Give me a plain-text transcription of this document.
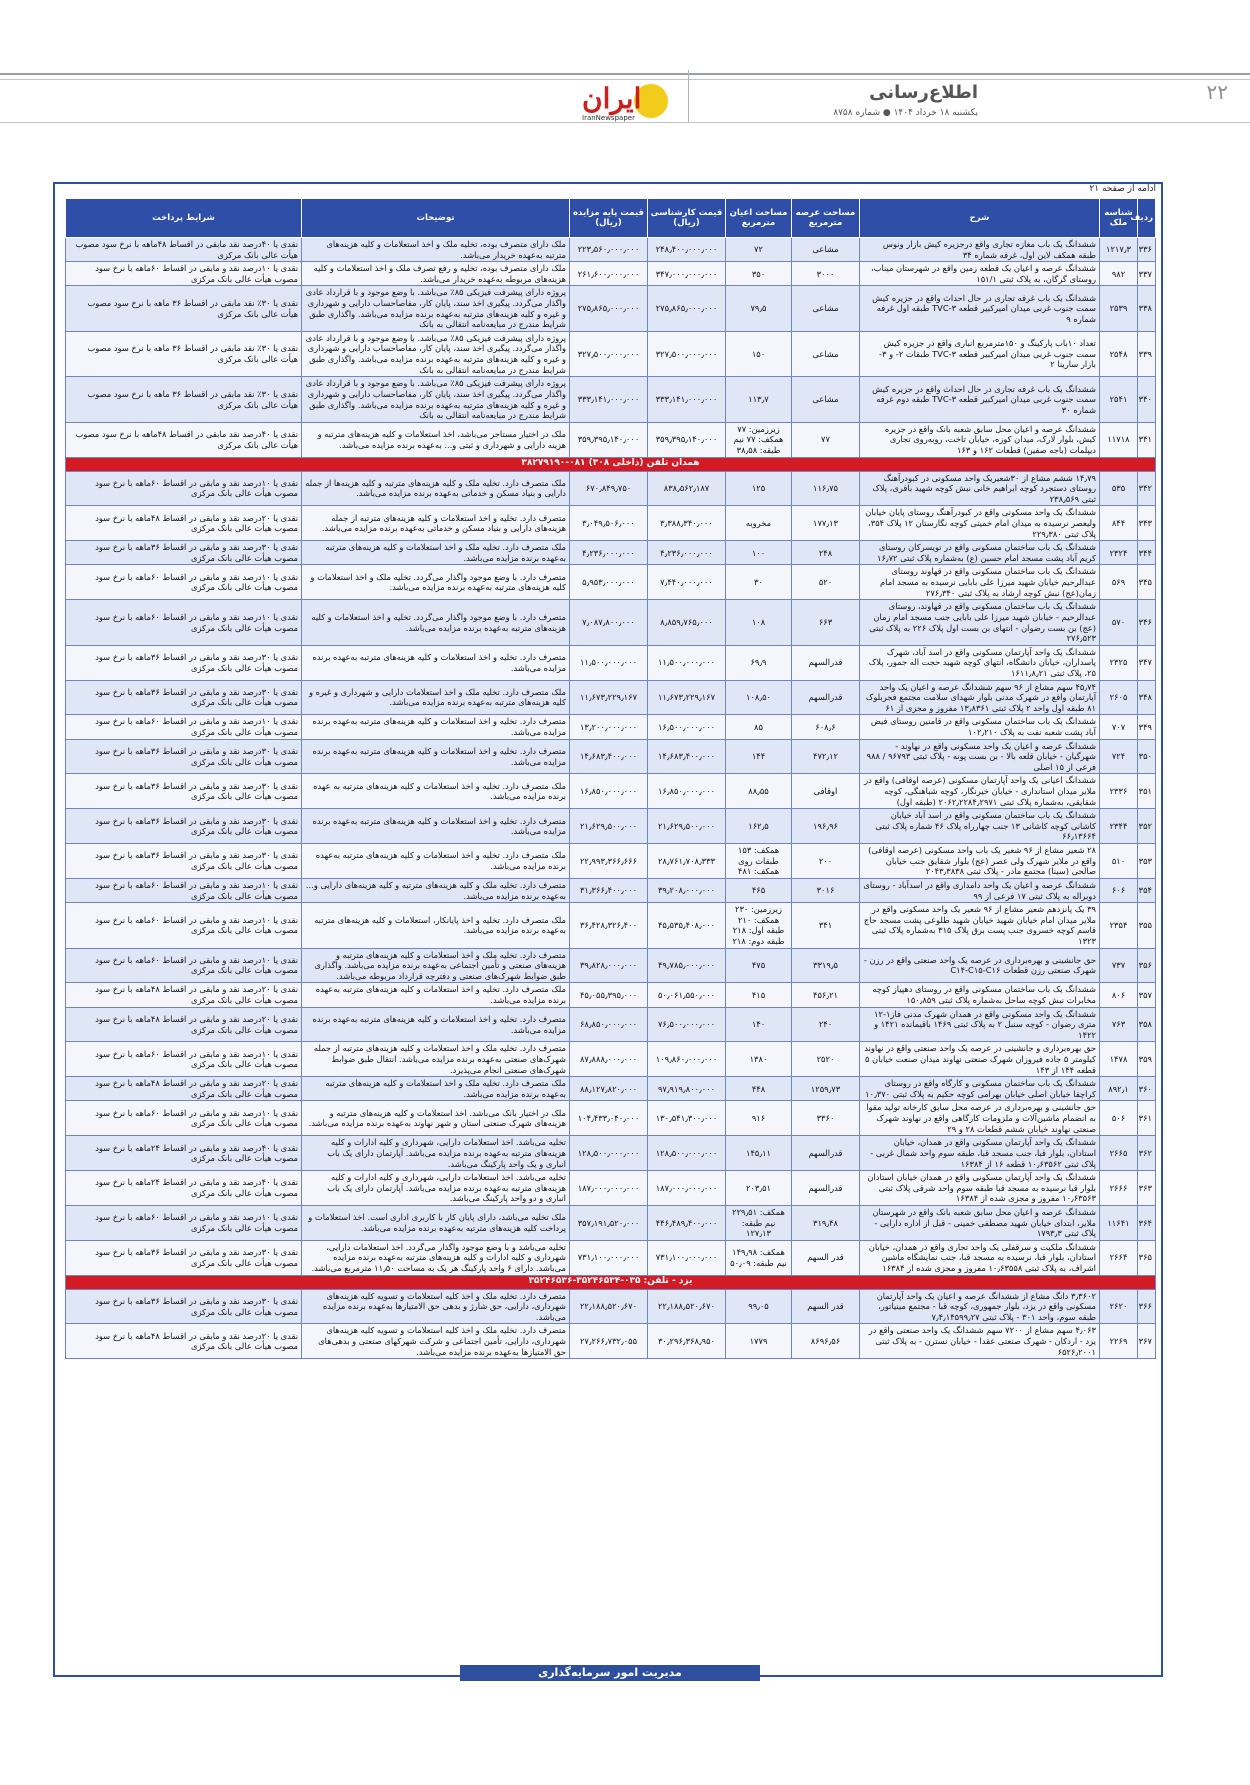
۲۲
اطلاع‌رسانی
یکشنبه ۱۸ خرداد ۱۴۰۴ ● شماره ۸۷۵۸
ایران
IranNewspaper
ادامه از صفحه ۲۱
ردیف	شناسه ملک	شرح	مساحت عرصه مترمربع	مساحت اعیان مترمربع	قیمت کارشناسی (ریال)	قیمت پایه مزایده (ریال)	توضیحات	شرایط پرداخت
۳۳۶	۱۲۱۷٫۳	ششدانگ یک باب مغازه تجاری واقع درجزیره کیش بازار ونوس طبقه همکف لاین اول، غرفه شماره ۳۴	مشاعی	۷۲	۲۴۸٫۴۰۰٫۰۰۰٫۰۰۰	۲۲۳٫۵۶۰٫۰۰۰٫۰۰۰	ملک دارای متصرف بوده، تخلیه ملک و اخذ استعلامات و کلیه هزینه‌های مترتبه به‌عهده خریدار می‌باشد.	نقدی یا ۴۰درصد نقد مابقی در اقساط ۴۸ماهه با نرخ سود مصوب هیأت عالی بانک مرکزی
۳۳۷	۹۸۲	ششدانگ عرصه و اعیان یک قطعه زمین واقع در شهرستان میناب، روستای گرگان، به پلاک ثبتی ۱۵۱/۱	۳۰۰۰	۳۵۰	۳۴۷٫۰۰۰٫۰۰۰٫۰۰۰	۲۶۱٫۶۰۰٫۰۰۰٫۰۰۰	ملک دارای متصرف بوده، تخلیه و رفع تصرف ملک و اخذ استعلامات و کلیه هزینه‌های مربوطه به‌عهده خریدار می‌باشد.	نقدی یا ۱۰درصد نقد و مابقی در اقساط ۶۰ماهه با نرخ سود مصوب هیأت عالی بانک مرکزی
۳۳۸	۲۵۳۹	ششدانگ یک باب غرفه تجاری در حال احداث واقع در جزیره کیش سمت جنوب غربی میدان امیرکبیر قطعه TVC-۳ طبقه اول غرفه شماره ۹	مشاعی	۷۹٫۵	۲۷۵٫۸۶۵٫۰۰۰٫۰۰۰	۲۷۵٫۸۶۵٫۰۰۰٫۰۰۰	پروژه دارای پیشرفت فیزیکی ۸۵٪ می‌باشد. با وضع موجود و با قرارداد عادی واگذار می‌گردد. پیگیری اخذ سند، پایان کار، مفاصاحساب دارایی و شهرداری و غیره و کلیه هزینه‌های مترتبه به‌عهده برنده مزایده می‌باشد. واگذاری طبق شرایط مندرج در مبایعه‌نامه انتقالی به بانک	نقدی یا ۳۰٪ نقد مابقی در اقساط ۳۶ ماهه با نرخ سود مصوب هیأت عالی بانک مرکزی
۳۳۹	۲۵۴۸	تعداد ۱۰باب پارکینگ و ۱۵۰مترمربع انباری واقع در جزیره کیش سمت جنوب غربی میدان امیرکبیر قطعه TVC-۳ طبقات ۲- و ۳- بازار سارینا ۲	مشاعی	۱۵۰	۳۲۷٫۵۰۰٫۰۰۰٫۰۰۰	۳۲۷٫۵۰۰٫۰۰۰٫۰۰۰	پروژه دارای پیشرفت فیزیکی ۸۵٪ می‌باشد. با وضع موجود و با قرارداد عادی واگذار می‌گردد. پیگیری اخذ سند، پایان کار، مفاصاحساب دارایی و شهرداری و غیره و کلیه هزینه‌های مترتبه به‌عهده برنده مزایده می‌باشد. واگذاری طبق شرایط مندرج در مبایعه‌نامه انتقالی به بانک	نقدی یا ۳۰٪ نقد مابقی در اقساط ۳۶ ماهه با نرخ سود مصوب هیأت عالی بانک مرکزی
۳۴۰	۲۵۴۱	ششدانگ یک باب غرفه تجاری در حال احداث واقع در جزیره کیش سمت جنوب غربی میدان امیرکبیر قطعه TVC-۳ طبقه دوم غرفه شماره ۳۰	مشاعی	۱۱۳٫۷	۳۳۳٫۱۴۱٫۰۰۰٫۰۰۰	۳۳۳٫۱۴۱٫۰۰۰٫۰۰۰	پروژه دارای پیشرفت فیزیکی ۸۵٪ می‌باشد. با وضع موجود و با قرارداد عادی واگذار می‌گردد. پیگیری اخذ سند، پایان کار، مفاصاحساب دارایی و شهرداری و غیره و کلیه هزینه‌های مترتبه به‌عهده برنده مزایده می‌باشد. واگذاری طبق شرایط مندرج در مبایعه‌نامه انتقالی به بانک	نقدی یا ۳۰٪ نقد مابقی در اقساط ۳۶ ماهه با نرخ سود مصوب هیأت عالی بانک مرکزی
۳۴۱	۱۱۷۱۸	ششدانگ عرصه و اعیان محل سابق شعبه بانک واقع در جزیره کیش، بلوار لارک، میدان کوزه، خیابان تاخت، روبه‌روی تجاری دیپلمات (باجه صفین) قطعات ۱۶۲ و ۱۶۳	۷۷	زیرزمین: ۷۷ همکف: ۷۷ نیم طبقه: ۳۸٫۵۸	۳۵۹٫۳۹۵٫۱۴۰٫۰۰۰	۳۵۹٫۳۹۵٫۱۴۰٫۰۰۰	ملک در اختیار مستاجر می‌باشد، اخذ استعلامات و کلیه هزینه‌های مترتبه و هزینه دارایی و شهرداری و ثبتی و... به‌عهده برنده مزایده می‌باشد.	نقدی یا ۴۰درصد نقد مابقی در اقساط ۴۸ماهه با نرخ سود مصوب هیأت عالی بانک مرکزی
همدان تلفن (داخلی ۳۰۸) ۰۸۱-۳۸۲۷۹۱۹۰								
۳۴۲	۵۳۵	۱۴٫۷۹ ششم مشاع از ۳۰شعیریک واحد مسکونی در کبودرآهنگ روستای دستجرد کوچه ابراهیم خانی نبش کوچه شهید باقری، پلاک ثبتی ۲۳۸٫۵۶۹	۱۱۶٫۷۵	۱۲۵	۸۳۸٫۵۶۲٫۱۸۷	۶۷۰٫۸۴۹٫۷۵۰	ملک متصرف دارد. تخلیه ملک و کلیه هزینه‌های مترتبه و کلیه هزینه‌ها از جمله دارایی و بنیاد مسکن و خدماتی به‌عهده برنده مزایده می‌باشد.	نقدی یا ۱۰درصد نقد و مابقی در اقساط ۶۰ماهه با نرخ سود مصوب هیأت عالی بانک مرکزی
۳۴۳	۸۴۴	ششدانگ یک واحد مسکونی واقع در کبودرآهنگ روستای پایان خیابان ولیعصر نرسیده به میدان امام خمینی کوچه نگارستان ۱۲ پلاک ۳۵۴، پلاک ثبتی ۲۲۹٫۳۸۰	۱۷۷٫۱۳	مخروبه	۳٫۳۸۸٫۳۴۰٫۰۰۰	۳٫۰۴۹٫۵۰۶٫۰۰۰	متصرف دارد. تخلیه و اخذ استعلامات و کلیه هزینه‌های مترتبه از جمله هزینه‌های دارایی و بنیاد مسکن و خدماتی به‌عهده برنده مزایده می‌باشد.	نقدی یا ۲۰درصد نقد و مابقی در اقساط ۴۸ماهه با نرخ سود مصوب هیأت عالی بانک مرکزی
۳۴۴	۲۳۲۴	ششدانگ یک باب ساختمان مسکونی واقع در تویسرکان روستای کریم آباد پشت مسجد امام حسین (ع) به‌شماره پلاک ثبتی ۱۶٫۷۲	۲۴۸	۱۰۰	۴٫۲۳۶٫۰۰۰٫۰۰۰	۴٫۲۳۶٫۰۰۰٫۰۰۰	ملک متصرف دارد. تخلیه ملک و اخذ استعلامات و کلیه هزینه‌های مترتبه به‌عهده برنده مزایده می‌باشد.	نقدی یا ۳۰درصد نقد و مابقی در اقساط ۳۶ماهه با نرخ سود مصوب هیأت عالی بانک مرکزی
۳۴۵	۵۶۹	ششدانگ یک باب ساختمان مسکونی واقع در قهاوند روستای عبدالرحیم خیابان شهید میرزا علی بابایی نرسیده به مسجد امام زمان(عج) نبش کوچه ارشاد به پلاک ثبتی ۲۷۶٫۳۴۰	۵۲۰	۳۰	۷٫۴۴۰٫۰۰۰٫۰۰۰	۵٫۹۵۳٫۰۰۰٫۰۰۰	متصرف دارد. با وضع موجود واگذار می‌گردد. تخلیه ملک و اخذ استعلامات و کلیه هزینه‌های مترتبه به‌عهده برنده مزایده می‌باشد.	نقدی یا ۱۰درصد نقد و مابقی در اقساط ۶۰ماهه با نرخ سود مصوب هیأت عالی بانک مرکزی
۳۴۶	۵۷۰	ششدانگ یک باب ساختمان مسکونی واقع در قهاوند، روستای عبدالرحیم - خیابان شهید میرزا علی بابایی جنب مسجد امام زمان (عج) بن بست رضوان - انتهای بن بست اول پلاک ۲۲۶ به پلاک ثبتی ۲۷۶٫۵۲۳	۶۶۳	۱۰۸	۸٫۸۵۹٫۷۶۵٫۰۰۰	۷٫۰۸۷٫۸۰۰٫۰۰۰	متصرف دارد. با وضع موجود واگذار می‌گردد. تخلیه و اخذ استعلامات و کلیه هزینه‌های مترتبه به‌عهده برنده مزایده می‌باشد.	نقدی یا ۱۰درصد نقد و مابقی در اقساط ۶۰ماهه با نرخ سود مصوب هیأت عالی بانک مرکزی
۳۴۷	۲۳۲۵	ششدانگ یک واحد آپارتمان مسکونی واقع در اسد آباد، شهرک پاسداران، خیابان دانشگاه، انتهای کوچه شهید حجت اله جمور، پلاک ۲۵، پلاک ثبتی ۱۶۱۱٫۸٫۲۱	قدرالسهم	۶۹٫۹	۱۱٫۵۰۰٫۰۰۰٫۰۰۰	۱۱٫۵۰۰٫۰۰۰٫۰۰۰	متصرف دارد. تخلیه و اخذ استعلامات و کلیه هزینه‌های مترتبه به‌عهده برنده مزایده می‌باشد.	نقدی یا ۳۰درصد نقد و مابقی در اقساط ۳۶ماهه با نرخ سود مصوب هیأت عالی بانک مرکزی
۳۴۸	۲۶۰۵	۴۵٫۷۴ سهم مشاع از ۹۶ سهم ششدانگ عرصه و اعیان یک واحد آپارتمان واقع در شهرک مدنی بلوار شهدای سلامت مجتمع فجربلوک ۸۱ طبقه اول واحد ۲ پلاک ثبتی ۱۳٫۸۳۶۱ مفروز و مجزی از ۶۱	قدرالسهم	۱۰۸٫۵۰	۱۱٫۶۷۳٫۲۲۹٫۱۶۷	۱۱٫۶۷۳٫۲۲۹٫۱۶۷	ملک متصرف دارد. تخلیه ملک و اخذ استعلامات دارایی و شهرداری و غیره و کلیه هزینه‌های مترتبه به‌عهده برنده مزایده می‌باشد.	نقدی یا ۳۰درصد نقد و مابقی در اقساط ۳۶ماهه با نرخ سود مصوب هیأت عالی بانک مرکزی
۳۴۹	۷۰۷	ششدانگ یک باب ساختمان مسکونی واقع در قامنین روستای فیض آباد پشت شعبه نفت به پلاک ۱۰۲٫۲۱۰	۶۰۸٫۶	۸۵	۱۶٫۵۰۰٫۰۰۰٫۰۰۰	۱۳٫۲۰۰٫۰۰۰٫۰۰۰	متصرف دارد. تخلیه و اخذ استعلامات و کلیه هزینه‌های مترتبه به‌عهده برنده مزایده می‌باشد.	نقدی یا ۱۰درصد نقد و مابقی در اقساط ۶۰ماهه با نرخ سود مصوب هیأت عالی بانک مرکزی
۳۵۰	۷۲۴	ششدانگ عرصه و اعیان یک واحد مسکونی واقع در نهاوند - شهرگیان - خیابان قلعه بالا - بن بست پونه - پلاک ثبتی ۹۶۷۹۳ / ۹۸۸ فرعی از ۱۵ اصلی	۴۷۲٫۱۲	۱۴۴	۱۴٫۶۸۳٫۴۰۰٫۰۰۰	۱۴٫۶۸۳٫۴۰۰٫۰۰۰	متصرف دارد. تخلیه و اخذ استعلامات و کلیه هزینه‌های مترتبه به‌عهده برنده مزایده می‌باشد.	نقدی یا ۳۰درصد نقد و مابقی در اقساط ۳۶ماهه با نرخ سود مصوب هیأت عالی بانک مرکزی
۳۵۱	۲۳۳۶	ششدانگ اعیانی یک واحد آپارتمان مسکونی (عرصه اوقافی) واقع در ملایر میدان استانداری - خیابان خیرنگار، کوچه شباهنگی، کوچه شقایقی، به‌شماره پلاک ثبتی ۲۰۶۲٫۲۲۸۴٫۲۹۷۱ (طبقه اول)	اوقافی	۸۸٫۵۵	۱۶٫۸۵۰٫۰۰۰٫۰۰۰	۱۶٫۸۵۰٫۰۰۰٫۰۰۰	ملک متصرف دارد. تخلیه و اخذ استعلامات و کلیه هزینه‌های مترتبه به عهده برنده مزایده می‌باشد.	نقدی یا ۳۰درصد نقد و مابقی در اقساط ۳۶ماهه با نرخ سود مصوب هیأت عالی بانک مرکزی
۳۵۲	۲۳۴۴	ششدانگ یک باب ساختمان مسکونی واقع در اسد آباد خیابان کاشانی کوچه کاشانی ۱۳ جنب چهارراه پلاک ۴۶ شماره پلاک ثبتی ۶۶٫۱۳۶۶۴	۱۹۶٫۹۶	۱۶۲٫۵	۲۱٫۶۲۹٫۵۰۰٫۰۰۰	۲۱٫۶۲۹٫۵۰۰٫۰۰۰	متصرف دارد. تخلیه و اخذ استعلامات و کلیه هزینه‌های مترتبه به‌عهده برنده مزایده می‌باشد.	نقدی یا ۳۰درصد نقد و مابقی در اقساط ۳۶ماهه با نرخ سود مصوب هیأت عالی بانک مرکزی
۳۵۳	۵۱۰	۲۸ شعیر مشاع از ۹۶ شعیر یک باب واحد مسکونی (عرصه اوقافی) واقع در ملایر شهرک ولی عصر (عج) بلوار شقایق جنب خیابان صالحی (سینا) مجتمع مادر - پلاک ثبتی ۲۰۴۳٫۳۸۳۸	۲۰۰	همکف: ۱۵۳ طبقات روی همکف: ۴۸۱	۲۸٫۷۶۱٫۷۰۸٫۳۳۳	۲۲٫۹۹۳٫۳۶۶٫۶۶۶	ملک متصرف دارد. تخلیه و اخذ استعلامات و کلیه هزینه‌های مترتبه به‌عهده برنده مزایده می‌باشد.	نقدی یا ۳۰درصد نقد و مابقی در اقساط ۳۶ماهه با نرخ سود مصوب هیأت عالی بانک مرکزی
۳۵۴	۶۰۶	ششدانگ عرصه و اعیان یک واحد دامداری واقع در اسدآباد - روستای دوبراله به پلاک ثبتی ۱۷ فرعی از ۹۹	۳۰۱۶	۴۶۵	۳۹٫۲۰۸٫۰۰۰٫۰۰۰	۳۱٫۳۶۶٫۴۰۰٫۰۰۰	متصرف دارد. تخلیه ملک و کلیه هزینه‌های مترتبه و کلیه هزینه‌های دارایی و... به‌عهده برنده مزایده می‌باشد.	نقدی یا ۱۰درصد نقد و مابقی در اقساط ۶۰ماهه با نرخ سود مصوب هیأت عالی بانک مرکزی
۳۵۵	۲۳۵۴	۳۹ یک پانزدهم شعیر مشاع از ۹۶ شعیر یک واحد مسکونی واقع در ملایر میدان امام خیابان شهید خیابان شهید طلوعی پشت مسجد حاج قاسم کوچه خسروی جنب پست برق پلاک ۳۱۵ به‌شماره پلاک ثبتی ۱۳۲۳	۳۴۱	زیرزمین: ۲۳۰ همکف: ۲۱۰ طبقه اول: ۲۱۸ طبقه دوم: ۲۱۸	۴۵٫۵۳۵٫۴۰۸٫۰۰۰	۳۶٫۴۲۸٫۳۲۶٫۴۰۰	ملک متصرف دارد. تخلیه و اخذ پایانکار، استعلامات و کلیه هزینه‌های مترتبه به‌عهده برنده مزایده می‌باشد.	نقدی یا ۱۰درصد نقد و مابقی در اقساط ۶۰ماهه با نرخ سود مصوب هیأت عالی بانک مرکزی
۳۵۶	۷۳۷	حق جانشینی و بهره‌برداری در عرصه یک واحد صنعتی واقع در رزن - شهرک صنعتی رزن قطعات C۱۴-C۱۵-C۱۶	۳۳۱۹٫۵	۴۷۵	۴۹٫۷۸۵٫۰۰۰٫۰۰۰	۳۹٫۸۲۸٫۰۰۰٫۰۰۰	متصرف دارد. تخلیه ملک و اخذ استعلامات و کلیه هزینه‌های مترتبه و هزینه‌های صنعتی و تأمین اجتماعی به‌عهده برنده مزایده می‌باشد. واگذاری طبق ضوابط شهرک‌های صنعتی و دفترچه قرارداد مربوطه می‌باشد.	نقدی یا ۱۰درصد نقد و مابقی در اقساط ۶۰ماهه با نرخ سود مصوب هیأت عالی بانک مرکزی
۳۵۷	۸۰۶	ششدانگ یک باب ساختمان مسکونی واقع در روستای دهپیاز کوچه مخابرات نبش کوچه ساحل به‌شماره پلاک ثبتی ۱۵۰٫۸۵۹	۴۵۶٫۲۱	۴۱۵	۵۰٫۰۶۱٫۵۵۰٫۰۰۰	۴۵٫۰۵۵٫۳۹۵٫۰۰۰	ملک متصرف دارد. تخلیه و اخذ استعلامات و کلیه هزینه‌های مترتبه به‌عهده برنده مزایده می‌باشد.	نقدی یا ۲۰درصد نقد و مابقی در اقساط ۴۸ماهه با نرخ سود مصوب هیأت عالی بانک مرکزی
۳۵۸	۷۶۳	ششدانگ یک واحد مسکونی واقع در همدان شهرک مدنی فاز۱-۱۲ متری رضوان - کوچه سنبل ۲ به پلاک ثبتی ۱۴۶۹ باقیمانده ۱۴۲۱ و ۱۴۲۲	۲۴۰	۱۴۰	۷۶٫۵۰۰٫۰۰۰٫۰۰۰	۶۸٫۸۵۰٫۰۰۰٫۰۰۰	متصرف دارد. تخلیه و اخذ استعلامات و کلیه هزینه‌های مترتبه به‌عهده برنده مزایده می‌باشد.	نقدی یا ۲۰درصد نقد و مابقی در اقساط ۴۸ماهه با نرخ سود مصوب هیأت عالی بانک مرکزی
۳۵۹	۱۴۷۸	حق بهره‌برداری و جانشینی در عرصه یک واحد صنعتی واقع در نهاوند کیلومتر ۵ جاده فیروزان شهرک صنعتی نهاوند میدان صنعت خیابان ۵ قطعه ۱۴۴ از ۱۴۳	۲۵۲۰	۱۳۸۰	۱۰۹٫۸۶۰٫۰۰۰٫۰۰۰	۸۷٫۸۸۸٫۰۰۰٫۰۰۰	متصرف دارد. تخلیه ملک و اخذ استعلامات و کلیه هزینه‌های مترتبه از جمله شهرک‌های صنعتی به‌عهده برنده مزایده می‌باشد. انتقال طبق ضوابط شهرک‌های صنعتی انجام می‌پذیرد.	نقدی یا ۱۰درصد نقد و مابقی در اقساط ۶۰ماهه با نرخ سود مصوب هیأت عالی بانک مرکزی
۳۶۰	۸۹۲٫۱	ششدانگ یک باب ساختمان مسکونی و کارگاه واقع در روستای کراچقا خیابان اصلی خیابان بهرامی کوچه حکیم به پلاک ثبتی ۱۰٫۳۷۰	۱۲۵۹٫۷۳	۴۴۸	۹۷٫۹۱۹٫۸۰۰٫۰۰۰	۸۸٫۱۲۷٫۸۲۰٫۰۰۰	ملک متصرف دارد. تخلیه ملک و اخذ استعلامات و کلیه هزینه‌های مترتبه به‌عهده برنده مزایده می‌باشد.	نقدی یا ۲۰درصد نقد و مابقی در اقساط ۴۸ماهه با نرخ سود مصوب هیأت عالی بانک مرکزی
۳۶۱	۵۰۶	حق جانشینی و بهره‌برداری در عرصه محل سابق کارخانه تولید مقوا به انضمام ماشین‌آلات و ملزومات کارگاهی واقع در نهاوند شهرک صنعتی نهاوند خیابان ششم قطعات ۲۸ و ۲۹	۳۳۶۰	۹۱۶	۱۳۰٫۵۴۱٫۳۰۰٫۰۰۰	۱۰۴٫۴۳۳٫۰۴۰٫۰۰۰	ملک در اختیار بانک می‌باشد. اخذ استعلامات و کلیه هزینه‌های مترتبه و هزینه‌های شهرک صنعتی استان و شهر نهاوند به‌عهده برنده مزایده می‌باشد.	نقدی یا ۱۰درصد نقد و مابقی در اقساط ۶۰ماهه با نرخ سود مصوب هیأت عالی بانک مرکزی
۳۶۲	۲۶۶۵	ششدانگ یک واحد آپارتمان مسکونی واقع در همدان، خیابان استادان، بلوار قبا، جنب مسجد قبا، طبقه سوم واحد شمال غربی - پلاک ثبتی ۱۰٫۶۳۵۶۲ قطعه ۱۶ از ۱۶۳۸۴	قدرالسهم	۱۴۵٫۱۱	۱۲۸٫۵۰۰٫۰۰۰٫۰۰۰	۱۲۸٫۵۰۰٫۰۰۰٫۰۰۰	تخلیه می‌باشد. اخذ استعلامات دارایی، شهرداری و کلیه ادارات و کلیه هزینه‌های مترتبه به‌عهده برنده مزایده می‌باشد. آپارتمان دارای یک باب انباری و یک واحد پارکینگ می‌باشد.	نقدی یا ۴۰درصد نقد و مابقی در اقساط ۲۴ماهه با نرخ سود مصوب هیأت عالی بانک مرکزی
۳۶۳	۲۶۶۶	ششدانگ یک واحد آپارتمان مسکونی واقع در همدان خیابان استادان بلوار قبا نرسیده به مسجد قبا طبقه سوم واحد شرقی پلاک ثبتی ۱۰٫۶۳۵۶۳ مفروز و مجزی شده از ۱۶۳۸۴	قدرالسهم	۲۰۳٫۵۱	۱۸۷٫۰۰۰٫۰۰۰٫۰۰۰	۱۸۷٫۰۰۰٫۰۰۰٫۰۰۰	تخلیه می‌باشد. اخذ استعلامات دارایی، شهرداری و کلیه ادارات و کلیه هزینه‌های مترتبه به‌عهده برنده مزایده می‌باشد. آپارتمان دارای یک باب انباری و دو واحد پارکینگ می‌باشد.	نقدی یا ۴۰درصد نقد و مابقی در اقساط ۲۴ماهه با نرخ سود مصوب هیأت عالی بانک مرکزی
۳۶۴	۱۱۶۴۱	ششدانگ عرصه و اعیان محل سابق شعبه بانک واقع در شهرستان ملایر، ابتدای خیابان شهید مصطفی خمینی - قبل از اداره دارایی - پلاک ثبتی ۱۷۹۳٫۳	۳۱۹٫۴۸	همکف: ۲۲۹٫۵۱ نیم طبقه: ۱۲۷٫۱۳	۴۴۶٫۴۸۹٫۴۰۰٫۰۰۰	۳۵۷٫۱۹۱٫۵۲۰٫۰۰۰	ملک تخلیه می‌باشد، دارای پایان کار با کاربری اداری است. اخذ استعلامات و پرداخت کلیه هزینه‌های مترتبه به‌عهده برنده مزایده می‌باشد.	نقدی یا ۱۰درصد نقد و مابقی در اقساط ۶۰ماهه با نرخ سود مصوب هیأت عالی بانک مرکزی
۳۶۵	۲۶۶۴	ششدانگ ملکیت و سرقفلی یک واحد تجاری واقع در همدان، خیابان استادان، بلوار قبا، نرسیده به مسجد قبا، جنب نمایشگاه ماشین اشراف، به پلاک ثبتی ۱۰٫۶۳۵۵۸ مفروز و مجزی شده از ۱۶۳۸۴	قدر السهم	همکف: ۱۴۹٫۹۸ نیم طبقه: ۵۰٫۰۹	۷۳۱٫۱۰۰٫۰۰۰٫۰۰۰	۷۳۱٫۱۰۰٫۰۰۰٫۰۰۰	تخلیه می‌باشد و با وضع موجود واگذار می‌گردد. اخذ استعلامات دارایی، شهرداری و کلیه ادارات و کلیه هزینه‌های مترتبه به‌عهده برنده مزایده می‌باشد. دارای ۶ واحد پارکینگ هر یک به مساحت ۱۱٫۵۰ مترمربع می‌باشد.	نقدی یا ۳۰درصد نقد و مابقی در اقساط ۳۶ماهه با نرخ سود مصوب هیأت عالی بانک مرکزی
یزد - تلفن: ۰۳۵-۳۵۲۴۶۵۳۴-۳۵۲۴۶۵۳۶								
۳۶۶	۲۶۲۰	۳٫۳۶۰۲ دانگ مشاع از ششدانگ عرصه و اعیان یک واحد آپارتمان مسکونی واقع در یزد، بلوار جمهوری، کوچه قبا - مجتمع مینیاتور، طبقه سوم، واحد ۳۰۱ - پلاک ثبتی ۷٫۴٫۱۴۵۹۹٫۲۷	قدر السهم	۹۹٫۰۵	۲۲٫۱۸۸٫۵۲۰٫۶۷۰	۲۲٫۱۸۸٫۵۲۰٫۶۷۰	متصرف دارد. تخلیه ملک و اخذ کلیه استعلامات و تسویه کلیه هزینه‌های شهرداری، دارایی، حق شارژ و بدهی حق الامتیازها به‌عهده برنده مزایده می‌باشد.	نقدی یا ۳۰درصد نقد و مابقی در اقساط ۳۶ماهه با نرخ سود مصوب هیأت عالی بانک مرکزی
۳۶۷	۲۲۶۹	۴٫۰۶۳ سهم مشاع از ۷۲۰۰ سهم ششدانگ یک واحد صنعتی واقع در یزد - اردکان - شهرک صنعتی عقدا - خیابان نسترن - به پلاک ثبتی ۶۵۲۶٫۲۰۰۱	۸۶۹۶٫۵۶	۱۷۷۹	۳۰٫۲۹۶٫۳۶۸٫۹۵۰	۲۷٫۲۶۶٫۷۳۲٫۰۵۵	متصرف دارد. تخلیه ملک و اخذ کلیه استعلامات و تسویه کلیه هزینه‌های شهرداری، دارایی، تأمین اجتماعی و شرکت شهرکهای صنعتی و بدهی‌های حق الامتیازها به‌عهده برنده مزایده می‌باشد.	نقدی یا ۲۰درصد نقد و مابقی در اقساط ۴۸ماهه با نرخ سود مصوب هیأت عالی بانک مرکزی
مدیریت امور سرمایه‌گذاری
